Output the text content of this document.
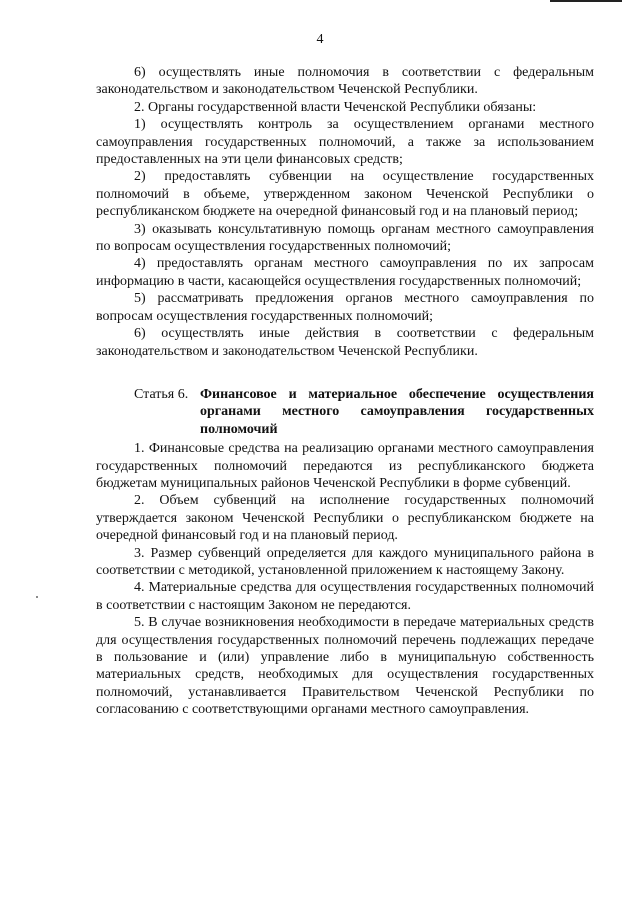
4

6) осуществлять иные полномочия в соответствии с федеральным законодательством и законодательством Чеченской Республики.

2. Органы государственной власти Чеченской Республики обязаны:

1) осуществлять контроль за осуществлением органами местного самоуправления государственных полномочий, а также за использованием предоставленных на эти цели финансовых средств;

2) предоставлять субвенции на осуществление государственных полномочий в объеме, утвержденном законом Чеченской Республики о республиканском бюджете на очередной финансовый год и на плановый период;

3) оказывать консультативную помощь органам местного самоуправления по вопросам осуществления государственных полномочий;

4) предоставлять органам местного самоуправления по их запросам информацию в части, касающейся осуществления государственных полномочий;

5) рассматривать предложения органов местного самоуправления по вопросам осуществления государственных полномочий;

6) осуществлять иные действия в соответствии с федеральным законодательством и законодательством Чеченской Республики.

Статья 6. Финансовое и материальное обеспечение осуществления органами местного самоуправления государственных полномочий

1. Финансовые средства на реализацию органами местного самоуправления государственных полномочий передаются из республиканского бюджета бюджетам муниципальных районов Чеченской Республики в форме субвенций.

2. Объем субвенций на исполнение государственных полномочий утверждается законом Чеченской Республики о республиканском бюджете на очередной финансовый год и на плановый период.

3. Размер субвенций определяется для каждого муниципального района в соответствии с методикой, установленной приложением к настоящему Закону.

4. Материальные средства для осуществления государственных полномочий в соответствии с настоящим Законом не передаются.

5. В случае возникновения необходимости в передаче материальных средств для осуществления государственных полномочий перечень подлежащих передаче в пользование и (или) управление либо в муниципальную собственность материальных средств, необходимых для осуществления государственных полномочий, устанавливается Правительством Чеченской Республики по согласованию с соответствующими органами местного самоуправления.
